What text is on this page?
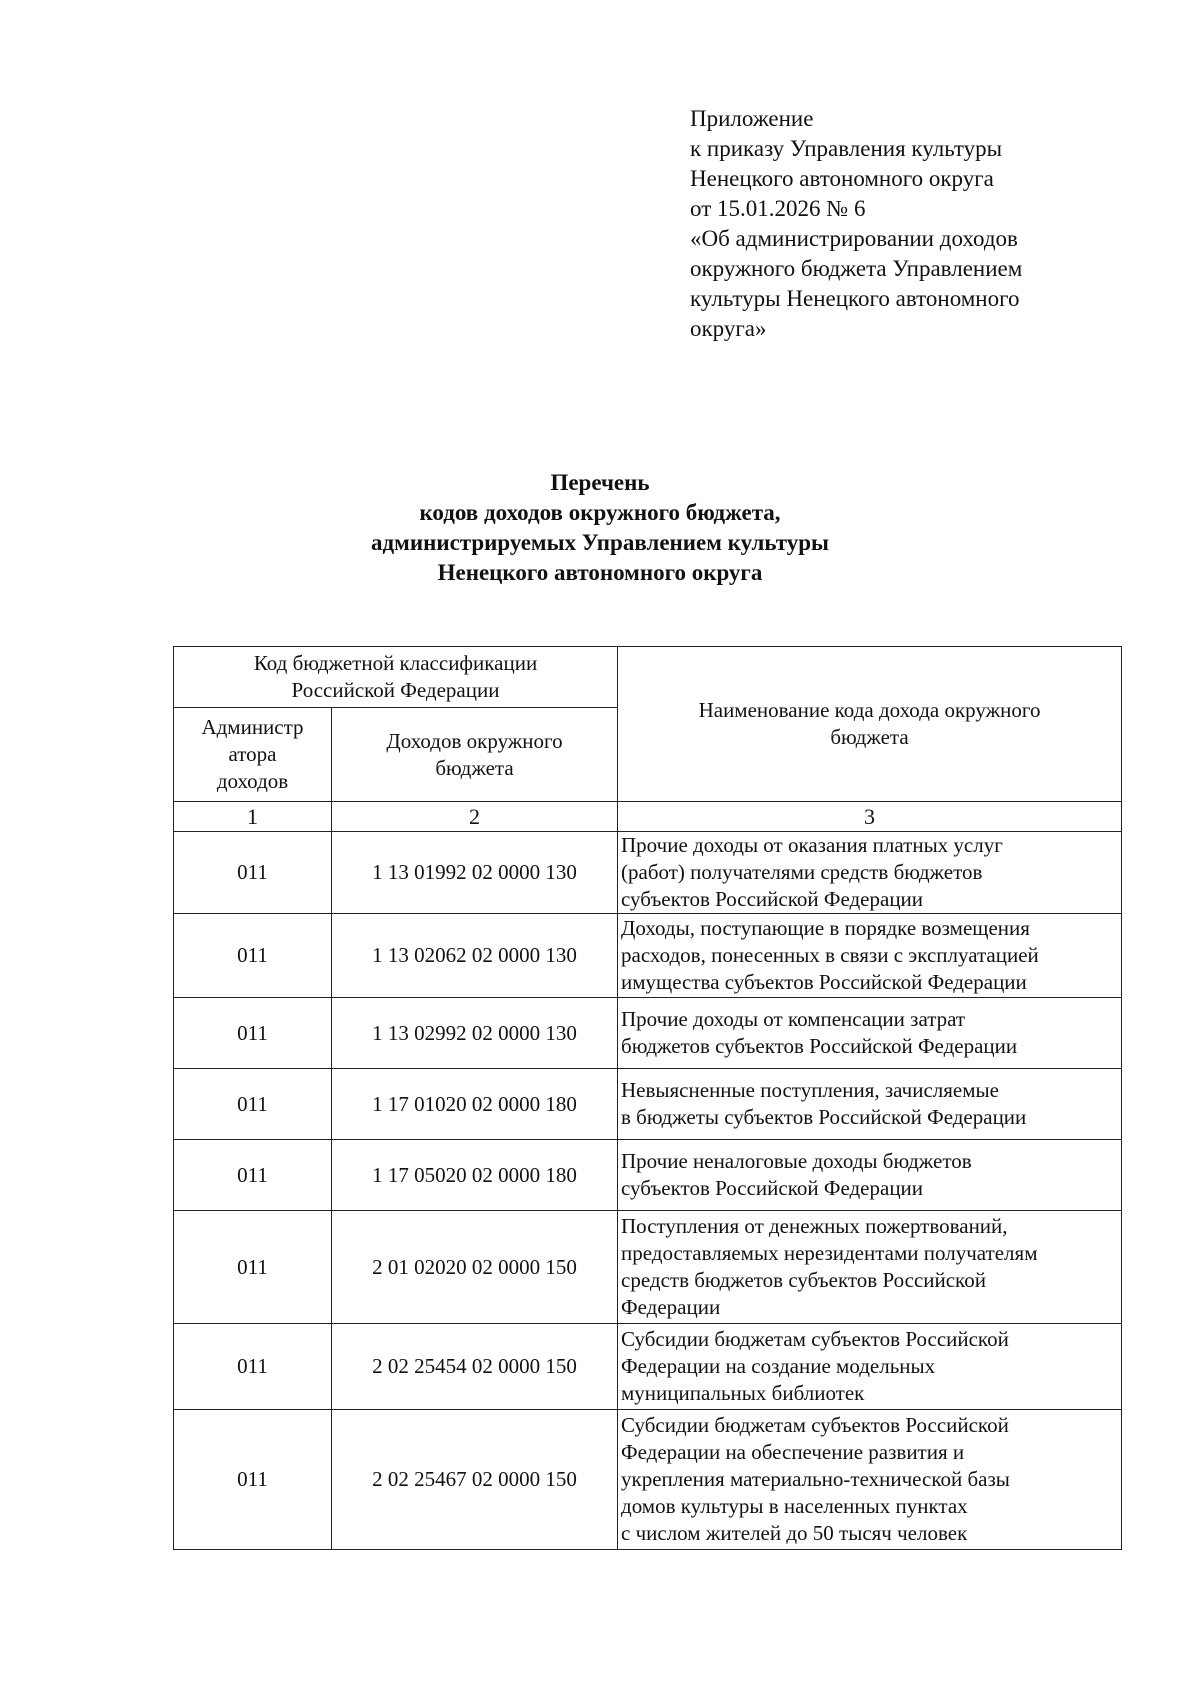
Приложение
к приказу Управления культуры
Ненецкого автономного округа
от 15.01.2026 № 6
«Об администрировании доходов
окружного бюджета Управлением
культуры Ненецкого автономного
округа»
Перечень
кодов доходов окружного бюджета,
администрируемых Управлением культуры
Ненецкого автономного округа
Код бюджетной классификации
Российской Федерации		Наименование кода дохода окружного
бюджета

Администр
атора
доходов	Доходов окружного
бюджета	

1	2	3
011	1 13 01992 02 0000 130	Прочие доходы от оказания платных услуг
(работ) получателями средств бюджетов
субъектов Российской Федерации

011	1 13 02062 02 0000 130	Доходы, поступающие в порядке возмещения
расходов, понесенных в связи с эксплуатацией
имущества субъектов Российской Федерации

011	1 13 02992 02 0000 130	Прочие доходы от компенсации затрат
бюджетов субъектов Российской Федерации

011	1 17 01020 02 0000 180	Невыясненные поступления, зачисляемые
в бюджеты субъектов Российской Федерации

011	1 17 05020 02 0000 180	Прочие неналоговые доходы бюджетов
субъектов Российской Федерации

011	2 01 02020 02 0000 150	Поступления от денежных пожертвований,
предоставляемых нерезидентами получателям
средств бюджетов субъектов Российской
Федерации

011	2 02 25454 02 0000 150	Субсидии бюджетам субъектов Российской
Федерации на создание модельных
муниципальных библиотек

011	2 02 25467 02 0000 150	Субсидии бюджетам субъектов Российской
Федерации на обеспечение развития и
укрепления материально-технической базы
домов культуры в населенных пунктах
с числом жителей до 50 тысяч человек
